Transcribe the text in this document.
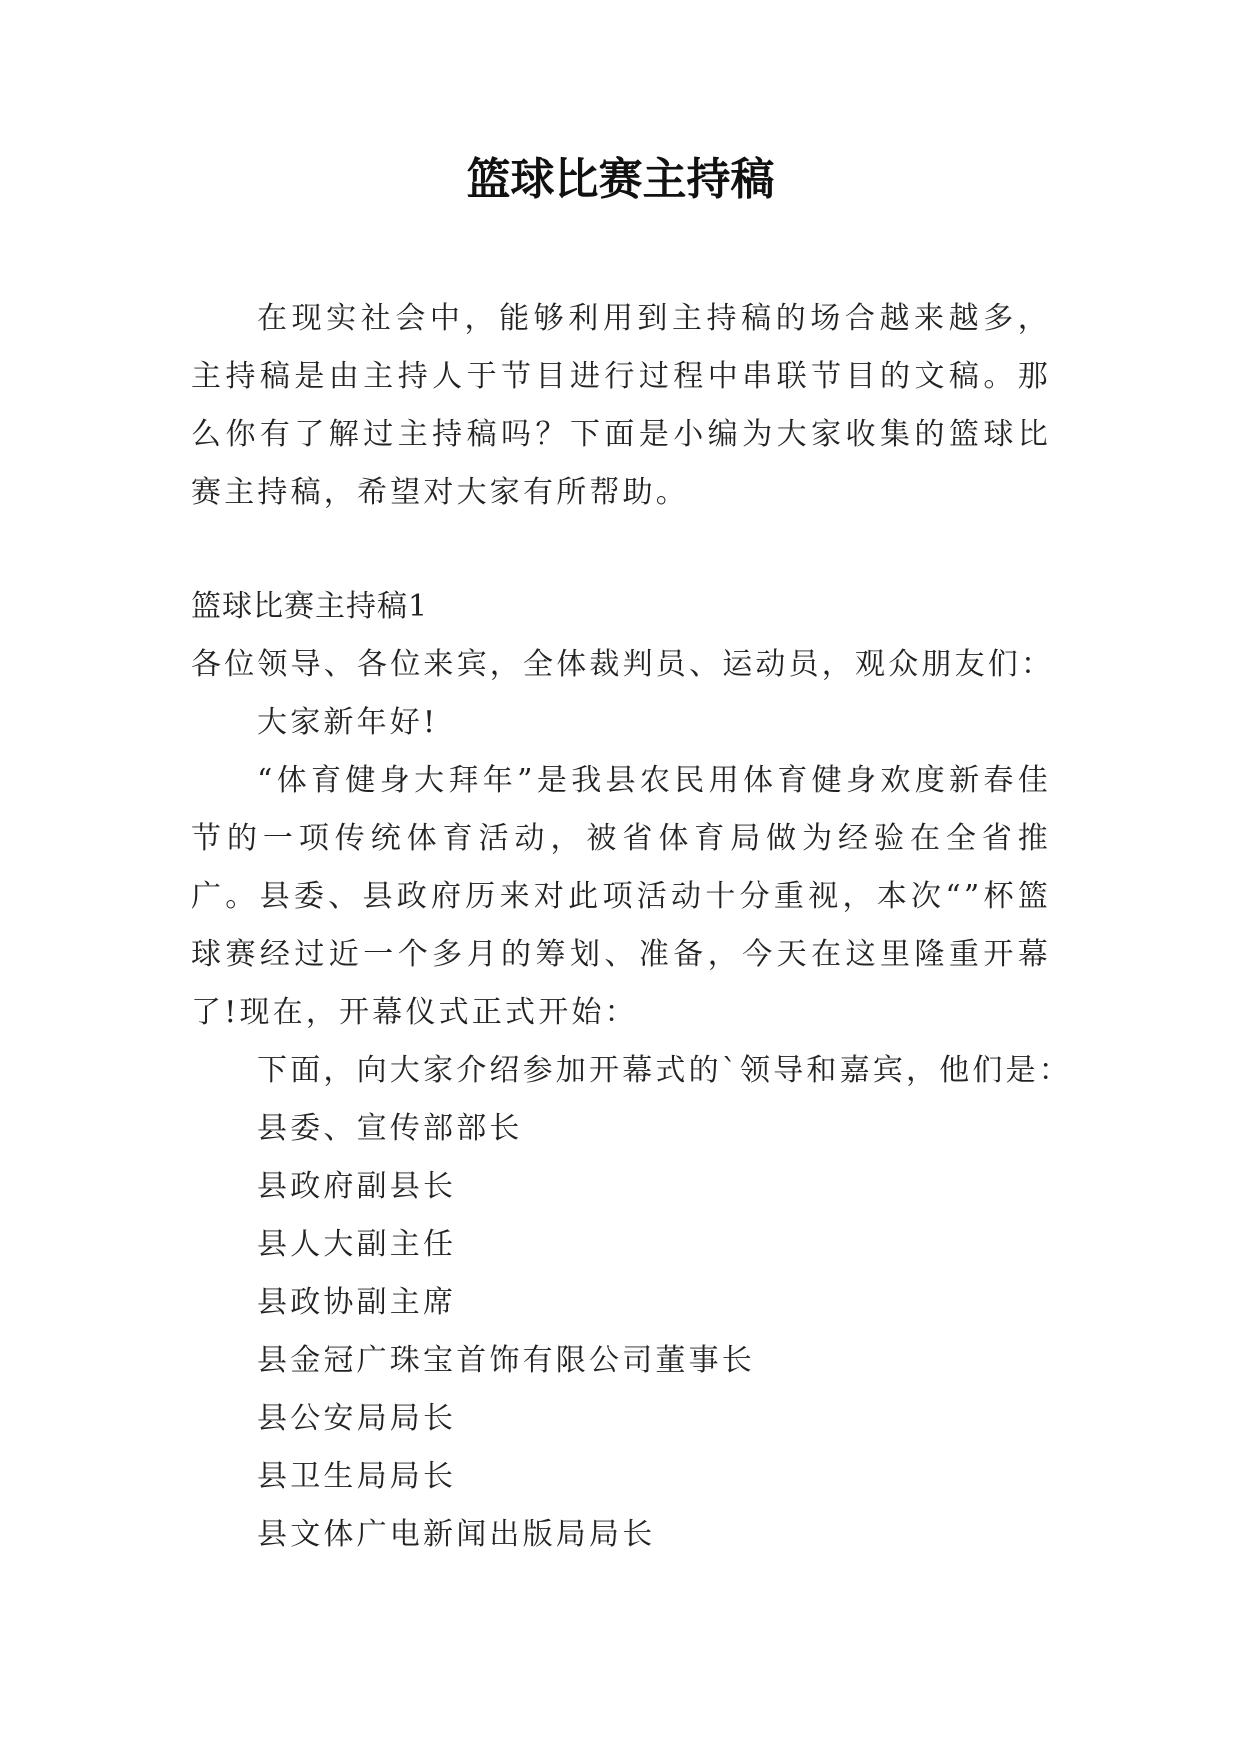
篮球比赛主持稿
在现实社会中，能够利用到主持稿的场合越来越多，主持稿是由主持人于节目进行过程中串联节目的文稿。那么你有了解过主持稿吗？下面是小编为大家收集的篮球比赛主持稿，希望对大家有所帮助。
篮球比赛主持稿1
各位领导、各位来宾，全体裁判员、运动员，观众朋友们：
大家新年好!
“体育健身大拜年”是我县农民用体育健身欢度新春佳节的一项传统体育活动，被省体育局做为经验在全省推广。县委、县政府历来对此项活动十分重视，本次“”杯篮球赛经过近一个多月的筹划、准备，今天在这里隆重开幕了!现在，开幕仪式正式开始：
下面，向大家介绍参加开幕式的`领导和嘉宾，他们是：
县委、宣传部部长
县政府副县长
县人大副主任
县政协副主席
县金冠广珠宝首饰有限公司董事长
县公安局局长
县卫生局局长
县文体广电新闻出版局局长
